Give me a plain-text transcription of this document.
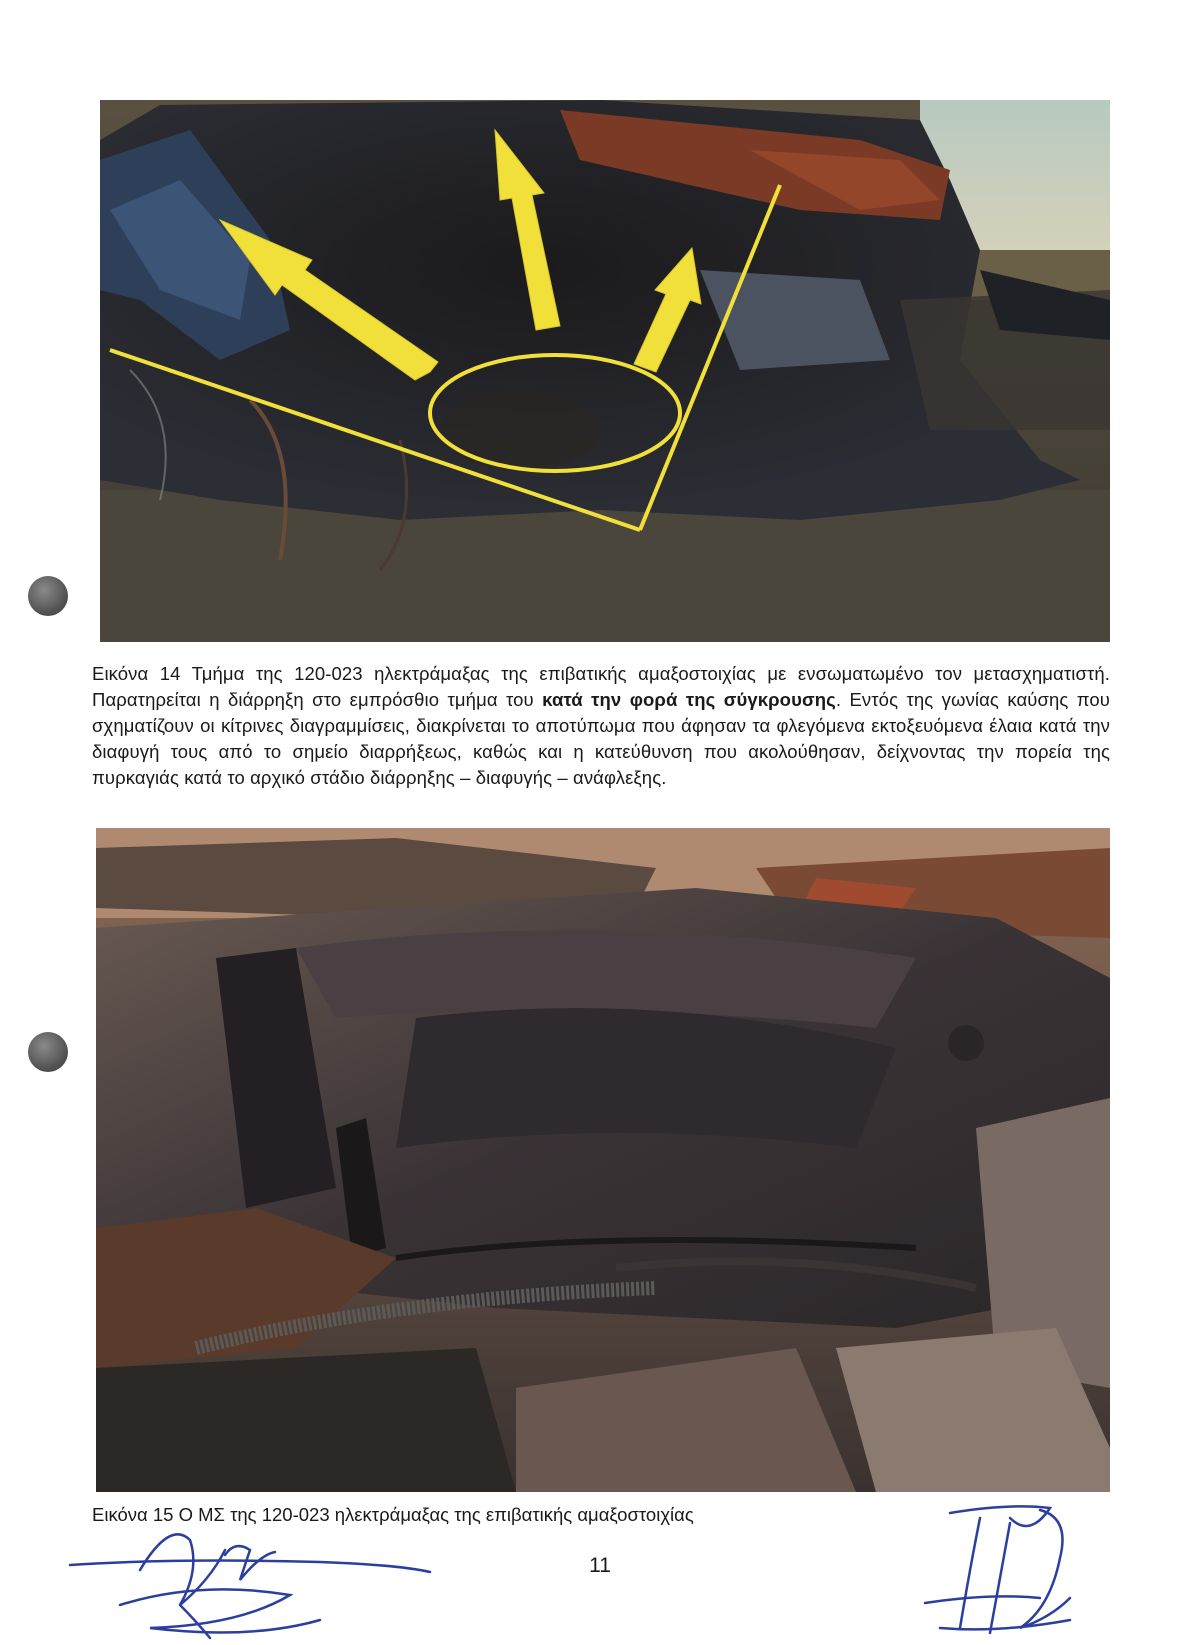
Εικόνα 14 Τμήμα της 120-023 ηλεκτράμαξας της επιβατικής αμαξοστοιχίας με ενσωματωμένο τον μετασχηματιστή. Παρατηρείται η διάρρηξη στο εμπρόσθιο τμήμα του κατά την φορά της σύγκρουσης. Εντός της γωνίας καύσης που σχηματίζουν οι κίτρινες διαγραμμίσεις, διακρίνεται το αποτύπωμα που άφησαν τα φλεγόμενα εκτοξευόμενα έλαια κατά την διαφυγή τους από το σημείο διαρρήξεως, καθώς και η κατεύθυνση που ακολούθησαν, δείχνοντας την πορεία της πυρκαγιάς κατά το αρχικό στάδιο διάρρηξης – διαφυγής – ανάφλεξης.
Εικόνα 15 Ο ΜΣ της 120-023 ηλεκτράμαξας της επιβατικής αμαξοστοιχίας
11
